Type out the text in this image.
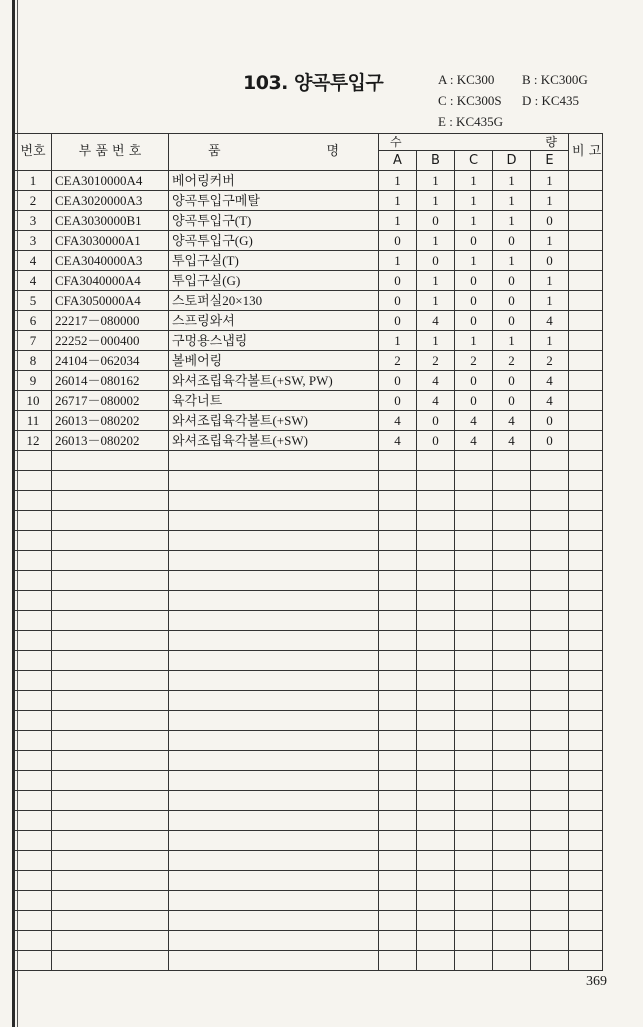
103. 양곡투입구	A : KC300 B : KC300G
C : KC300S D : KC435
E : KC435G
번호	부 품 번 호	품 명	수 량					비 고
			A	B	C	D	E	
1	CEA3010000A4	베어링커버	1	1	1	1	1	
2	CEA3020000A3	양곡투입구메탈	1	1	1	1	1	
3	CEA3030000B1	양곡투입구(T)	1	0	1	1	0	
3	CFA3030000A1	양곡투입구(G)	0	1	0	0	1	
4	CEA3040000A3	투입구실(T)	1	0	1	1	0	
4	CFA3040000A4	투입구실(G)	0	1	0	0	1	
5	CFA3050000A4	스토퍼실20×130	0	1	0	0	1	
6	22217－080000	스프링와셔	0	4	0	0	4	
7	22252－000400	구멍용스냅링	1	1	1	1	1	
8	24104－062034	볼베어링	2	2	2	2	2	
9	26014－080162	와셔조립육각볼트(+SW, PW)	0	4	0	0	4	
10	26717－080002	육각너트	0	4	0	0	4	
11	26013－080202	와셔조립육각볼트(+SW)	4	0	4	4	0	
12	26013－080202	와셔조립육각볼트(+SW)	4	0	4	4	0	

369
